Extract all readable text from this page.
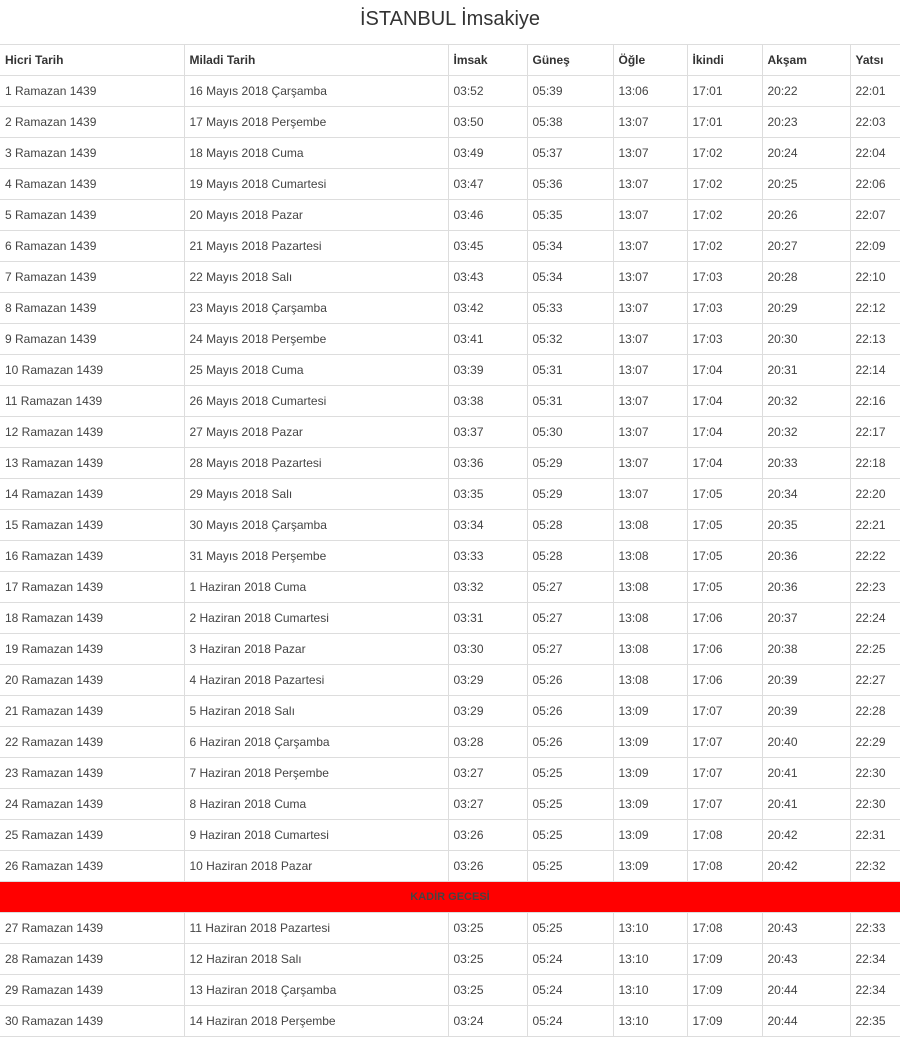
İSTANBUL İmsakiye
Hicri Tarih	Miladi Tarih	İmsak	Güneş	Öğle	İkindi	Akşam	Yatsı
1 Ramazan 1439	16 Mayıs 2018 Çarşamba	03:52	05:39	13:06	17:01	20:22	22:01
2 Ramazan 1439	17 Mayıs 2018 Perşembe	03:50	05:38	13:07	17:01	20:23	22:03
3 Ramazan 1439	18 Mayıs 2018 Cuma	03:49	05:37	13:07	17:02	20:24	22:04
4 Ramazan 1439	19 Mayıs 2018 Cumartesi	03:47	05:36	13:07	17:02	20:25	22:06
5 Ramazan 1439	20 Mayıs 2018 Pazar	03:46	05:35	13:07	17:02	20:26	22:07
6 Ramazan 1439	21 Mayıs 2018 Pazartesi	03:45	05:34	13:07	17:02	20:27	22:09
7 Ramazan 1439	22 Mayıs 2018 Salı	03:43	05:34	13:07	17:03	20:28	22:10
8 Ramazan 1439	23 Mayıs 2018 Çarşamba	03:42	05:33	13:07	17:03	20:29	22:12
9 Ramazan 1439	24 Mayıs 2018 Perşembe	03:41	05:32	13:07	17:03	20:30	22:13
10 Ramazan 1439	25 Mayıs 2018 Cuma	03:39	05:31	13:07	17:04	20:31	22:14
11 Ramazan 1439	26 Mayıs 2018 Cumartesi	03:38	05:31	13:07	17:04	20:32	22:16
12 Ramazan 1439	27 Mayıs 2018 Pazar	03:37	05:30	13:07	17:04	20:32	22:17
13 Ramazan 1439	28 Mayıs 2018 Pazartesi	03:36	05:29	13:07	17:04	20:33	22:18
14 Ramazan 1439	29 Mayıs 2018 Salı	03:35	05:29	13:07	17:05	20:34	22:20
15 Ramazan 1439	30 Mayıs 2018 Çarşamba	03:34	05:28	13:08	17:05	20:35	22:21
16 Ramazan 1439	31 Mayıs 2018 Perşembe	03:33	05:28	13:08	17:05	20:36	22:22
17 Ramazan 1439	1 Haziran 2018 Cuma	03:32	05:27	13:08	17:05	20:36	22:23
18 Ramazan 1439	2 Haziran 2018 Cumartesi	03:31	05:27	13:08	17:06	20:37	22:24
19 Ramazan 1439	3 Haziran 2018 Pazar	03:30	05:27	13:08	17:06	20:38	22:25
20 Ramazan 1439	4 Haziran 2018 Pazartesi	03:29	05:26	13:08	17:06	20:39	22:27
21 Ramazan 1439	5 Haziran 2018 Salı	03:29	05:26	13:09	17:07	20:39	22:28
22 Ramazan 1439	6 Haziran 2018 Çarşamba	03:28	05:26	13:09	17:07	20:40	22:29
23 Ramazan 1439	7 Haziran 2018 Perşembe	03:27	05:25	13:09	17:07	20:41	22:30
24 Ramazan 1439	8 Haziran 2018 Cuma	03:27	05:25	13:09	17:07	20:41	22:30
25 Ramazan 1439	9 Haziran 2018 Cumartesi	03:26	05:25	13:09	17:08	20:42	22:31
26 Ramazan 1439	10 Haziran 2018 Pazar	03:26	05:25	13:09	17:08	20:42	22:32
KADİR GECESİ							
27 Ramazan 1439	11 Haziran 2018 Pazartesi	03:25	05:25	13:10	17:08	20:43	22:33
28 Ramazan 1439	12 Haziran 2018 Salı	03:25	05:24	13:10	17:09	20:43	22:34
29 Ramazan 1439	13 Haziran 2018 Çarşamba	03:25	05:24	13:10	17:09	20:44	22:34
30 Ramazan 1439	14 Haziran 2018 Perşembe	03:24	05:24	13:10	17:09	20:44	22:35
